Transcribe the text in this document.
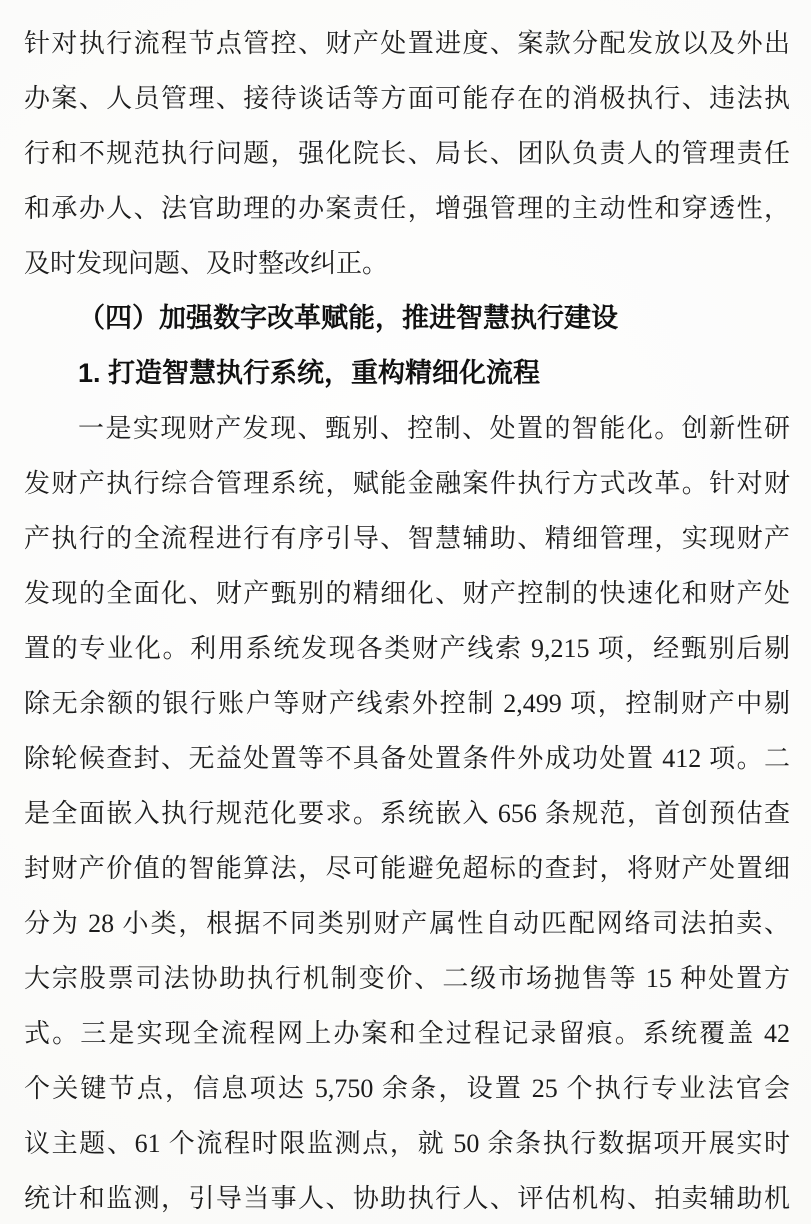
针对执行流程节点管控、财产处置进度、案款分配发放以及外出
办案、人员管理、接待谈话等方面可能存在的消极执行、违法执
行和不规范执行问题，强化院长、局长、团队负责人的管理责任
和承办人、法官助理的办案责任，增强管理的主动性和穿透性，
及时发现问题、及时整改纠正。
（四）加强数字改革赋能，推进智慧执行建设
1. 打造智慧执行系统，重构精细化流程
一是实现财产发现、甄别、控制、处置的智能化。创新性研
发财产执行综合管理系统，赋能金融案件执行方式改革。针对财
产执行的全流程进行有序引导、智慧辅助、精细管理，实现财产
发现的全面化、财产甄别的精细化、财产控制的快速化和财产处
置的专业化。利用系统发现各类财产线索 9,215 项，经甄别后剔
除无余额的银行账户等财产线索外控制 2,499 项，控制财产中剔
除轮候查封、无益处置等不具备处置条件外成功处置 412 项。二
是全面嵌入执行规范化要求。系统嵌入 656 条规范，首创预估查
封财产价值的智能算法，尽可能避免超标的查封，将财产处置细
分为 28 小类，根据不同类别财产属性自动匹配网络司法拍卖、
大宗股票司法协助执行机制变价、二级市场抛售等 15 种处置方
式。三是实现全流程网上办案和全过程记录留痕。系统覆盖 42
个关键节点，信息项达 5,750 余条，设置 25 个执行专业法官会
议主题、61 个流程时限监测点，就 50 余条执行数据项开展实时
统计和监测，引导当事人、协助执行人、评估机构、拍卖辅助机
